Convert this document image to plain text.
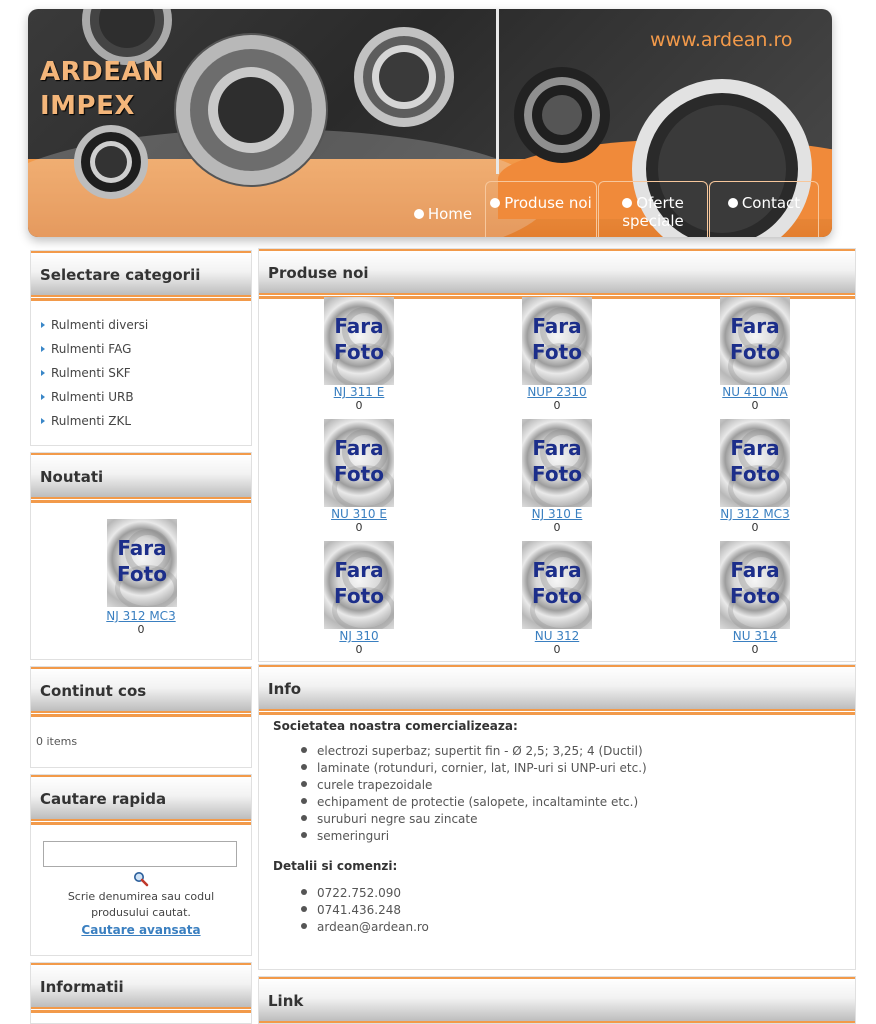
ARDEAN
IMPEX
www.ardean.ro
Home
Produse noi	Oferte speciale
Contact
Selectare categorii
Rulmenti diversi
Rulmenti FAG
Rulmenti SKF
Rulmenti URB
Rulmenti ZKL
Noutati
Fara
Foto
NJ 312 MC3
0
Continut cos
0 items
Cautare rapida
Scrie denumirea sau codul produsului cautat.
Cautare avansata
Informatii
Produse noi
Fara
Foto
NJ 311 E
0
Fara
Foto
NUP 2310
0
Fara
Foto
NU 410 NA
0
Fara
Foto
NU 310 E
0
Fara
Foto
NJ 310 E
0
Fara
Foto
NJ 312 MC3
0
Fara
Foto
NJ 310
0
Fara
Foto
NU 312
0
Fara
Foto
NU 314
0
Info
Societatea noastra comercializeaza:
electrozi superbaz; supertit fin - Ø 2,5; 3,25; 4 (Ductil)
laminate (rotunduri, cornier, lat, INP-uri si UNP-uri etc.)
curele trapezoidale
echipament de protectie (salopete, incaltaminte etc.)
suruburi negre sau zincate
semeringuri
Detalii si comenzi:
0722.752.090
0741.436.248
ardean@ardean.ro
Link
